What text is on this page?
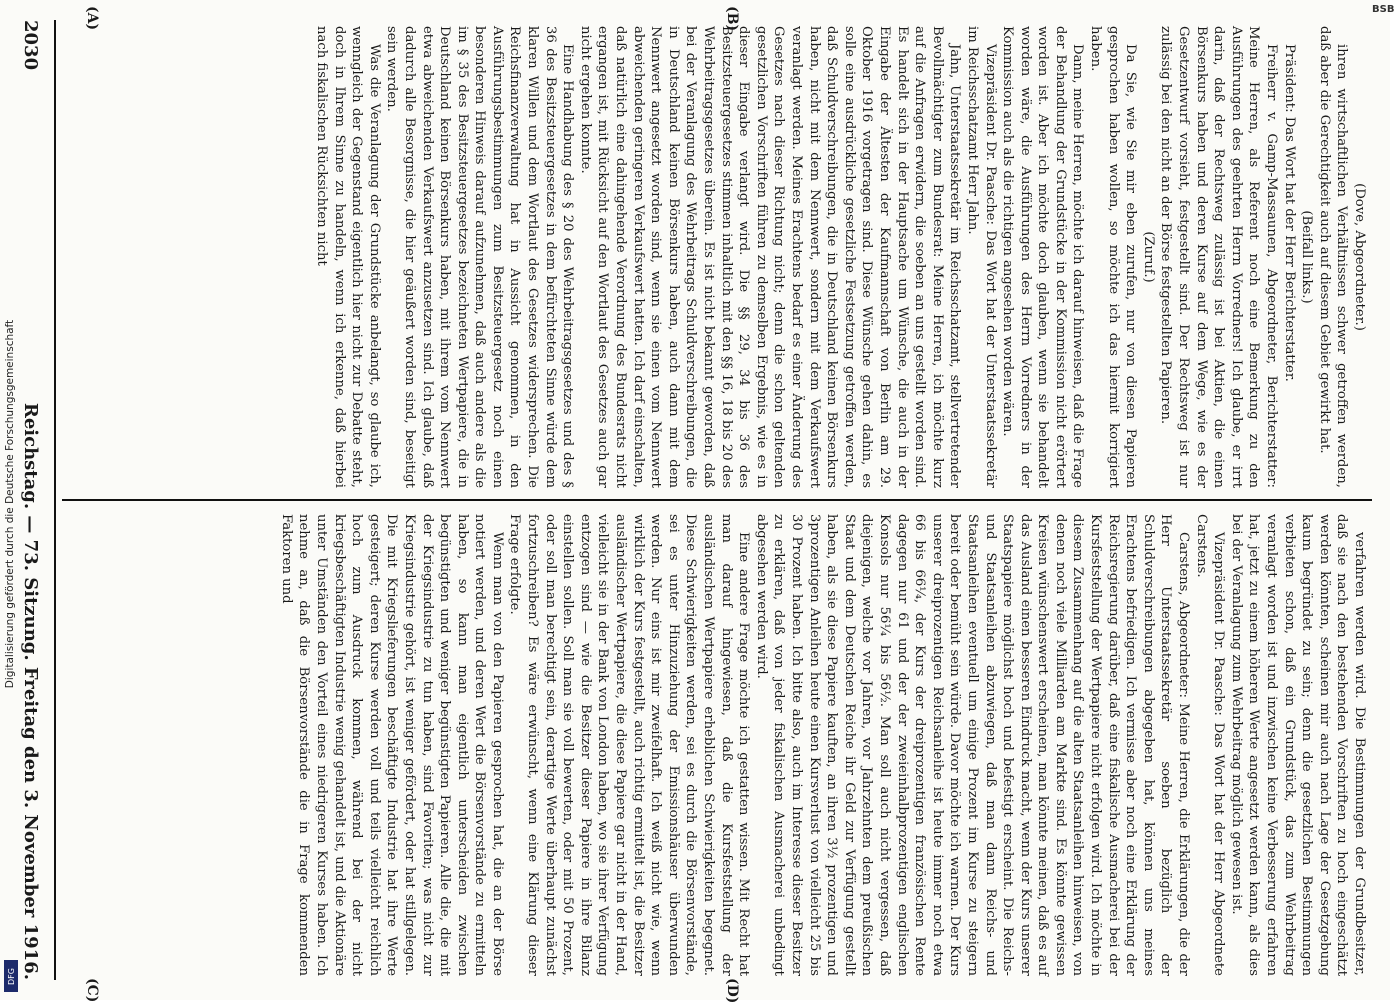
2030
Reichstag. — 73. Sitzung. Freitag den 3. November 1916.
(A)	(B)
(C)	(D)

(Dove, Abgeordneter.)

ihren wirtschaftlichen Verhältnissen schwer getroffen werden, daß aber die Gerechtigkeit auch auf diesem Gebiet gewirkt hat.

(Beifall links.)

Präsident: Das Wort hat der Herr Berichterstatter.

Freiherr v. Gamp-Massaunen, Abgeordneter, Berichterstatter: Meine Herren, als Referent noch eine Bemerkung zu den Ausführungen des geehrten Herrn Vorredners! Ich glaube, er irrt darin, daß der Rechtsweg zulässig ist bei Aktien, die einen Börsenkurs haben und deren Kurse auf dem Wege, wie es der Gesetzentwurf vorsieht, festgestellt sind. Der Rechtsweg ist nur zulässig bei den nicht an der Börse festgestellten Papieren.

(Zuruf.)

Da Sie, wie Sie mir eben zurufen, nur von diesen Papieren gesprochen haben wollen, so möchte ich das hiermit korrigiert haben.

Dann, meine Herren, möchte ich darauf hinweisen, daß die Frage der Behandlung der Grundstücke in der Kommission nicht erörtert worden ist. Aber ich möchte doch glauben, wenn sie behandelt worden wäre, die Ausführungen des Herrn Vorredners in der Kommission auch als die richtigen angesehen worden wären.

Vizepräsident Dr. Paasche: Das Wort hat der Unterstaatssekretär im Reichsschatzamt Herr Jahn.

Jahn, Unterstaatssekretär im Reichsschatzamt, stellvertretender Bevollmächtigter zum Bundesrat: Meine Herren, ich möchte kurz auf die Anfragen erwidern, die soeben an uns gestellt worden sind. Es handelt sich in der Hauptsache um Wünsche, die auch in der Eingabe der Ältesten der Kaufmannschaft von Berlin am 29. Oktober 1916 vorgetragen sind. Diese Wünsche gehen dahin, es solle eine ausdrückliche gesetzliche Festsetzung getroffen werden, daß Schuldverschreibungen, die in Deutschland keinen Börsenkurs haben, nicht mit dem Nennwert, sondern mit dem Verkaufswert veranlagt werden. Meines Erachtens bedarf es einer Änderung des Gesetzes nach dieser Richtung nicht; denn die schon geltenden gesetzlichen Vorschriften führen zu demselben Ergebnis, wie es in dieser Eingabe verlangt wird. Die §§ 29, 34 bis 36 des Besitzsteuergesetzes stimmen inhaltlich mit den §§ 16, 18 bis 20 des Wehrbeitragsgesetzes überein. Es ist nicht bekannt geworden, daß bei der Veranlagung des Wehrbeitrags Schuldverschreibungen, die in Deutschland keinen Börsenkurs haben, auch dann mit dem Nennwert angesetzt worden sind, wenn sie einen vom Nennwert abweichenden geringeren Verkaufswert hatten. Ich darf einschalten, daß natürlich eine dahingehende Verordnung des Bundesrats nicht ergangen ist, mit Rücksicht auf den Wortlaut des Gesetzes auch gar nicht ergehen konnte.

Eine Handhabung des § 20 des Wehrbeitragsgesetzes und des § 36 des Besitzsteuergesetzes in dem befürchteten Sinne würde dem klaren Willen und dem Wortlaut des Gesetzes widersprechen. Die Reichsfinanzverwaltung hat in Aussicht genommen, in den Ausführungsbestimmungen zum Besitzsteuergesetz noch einen besonderen Hinweis darauf aufzunehmen, daß auch andere als die im § 35 des Besitzsteuergesetzes bezeichneten Wertpapiere, die in Deutschland keinen Börsenkurs haben, mit ihrem vom Nennwert etwa abweichenden Verkaufswert anzusetzen sind. Ich glaube, daß dadurch alle Besorgnisse, die hier geäußert worden sind, beseitigt sein werden.

Was die Veranlagung der Grundstücke anbelangt, so glaube ich, wenngleich der Gegenstand eigentlich hier nicht zur Debatte steht, doch in Ihrem Sinne zu handeln, wenn ich erkenne, daß hierbei nach fiskalischen Rücksichten nicht

verfahren werden wird. Die Bestimmungen der Grundbesitzer, daß sie nach den bestehenden Vorschriften zu hoch eingeschätzt werden könnten, scheinen mir auch nach Lage der Gesetzgebung kaum begründet zu sein; denn die gesetzlichen Bestimmungen verbieten schon, daß ein Grundstück, das zum Wehrbeitrag veranlagt worden ist und inzwischen keine Verbesserung erfahren hat, jetzt zu einem höheren Werte angesetzt werden kann, als dies bei der Veranlagung zum Wehrbeitrag möglich gewesen ist.

Vizepräsident Dr. Paasche: Das Wort hat der Herr Abgeordnete Carstens.

Carstens, Abgeordneter: Meine Herren, die Erklärungen, die der Herr Unterstaatssekretär soeben bezüglich der Schuldverschreibungen abgegeben hat, können uns meines Erachtens befriedigen. Ich vermisse aber noch eine Erklärung der Reichsregierung darüber, daß eine fiskalische Ausmacherei bei der Kursfeststellung der Wertpapiere nicht erfolgen wird. Ich möchte in diesem Zusammenhang auf die alten Staatsanleihen hinweisen, von denen noch viele Milliarden am Markte sind. Es könnte gewissen Kreisen wünschenswert erscheinen, man könnte meinen, daß es auf das Ausland einen besseren Eindruck macht, wenn der Kurs unserer Staatspapiere möglichst hoch und befestigt erscheint. Die Reichs- und Staatsanleihen abzuwiegen, daß man dann Reichs- und Staatsanleihen eventuell um einige Prozent im Kurse zu steigern bereit oder bemüht sein würde. Davor möchte ich warnen. Der Kurs unserer dreiprozentigen Reichsanleihe ist heute immer noch etwa 66 bis 66¼, der Kurs der dreiprozentigen französischen Rente dagegen nur 61 und der der zweieinhalbprozentigen englischen Konsols nur 56¼ bis 56½. Man soll auch nicht vergessen, daß diejenigen, welche vor Jahren, vor Jahrzehnten dem preußischen Staat und dem Deutschen Reiche ihr Geld zur Verfügung gestellt haben, als sie diese Papiere kauften, an ihren 3½ prozentigen und 3prozentigen Anleihen heute einen Kursverlust von vielleicht 25 bis 30 Prozent haben. Ich bitte also, auch im Interesse dieser Besitzer zu erklären, daß von jeder fiskalischen Ausmacherei unbedingt abgesehen werden wird.

Eine andere Frage möchte ich gestatten wissen. Mit Recht hat man darauf hingewiesen, daß die Kursfeststellung der ausländischen Wertpapiere erheblichen Schwierigkeiten begegnet. Diese Schwierigkeiten werden, sei es durch die Börsenvorstände, sei es unter Hinzuziehung der Emissionshäuser überwunden werden. Nur eins ist mir zweifelhaft. Ich weiß nicht wie, wenn wirklich der Kurs festgestellt, auch richtig ermittelt ist, die Besitzer ausländischer Wertpapiere, die diese Papiere gar nicht in der Hand, vielleicht sie in der Bank von London haben, wo sie ihrer Verfügung entzogen sind — wie die Besitzer dieser Papiere in ihre Bilanz einstellen sollen. Soll man sie voll bewerten, oder mit 50 Prozent, oder soll man berechtigt sein, derartige Werte überhaupt zunächst fortzuschreiben? Es wäre erwünscht, wenn eine Klärung dieser Frage erfolgte.

Wenn man von den Papieren gesprochen hat, die an der Börse notiert werden, und deren Wert die Börsenvorstände zu ermitteln haben, so kann man eigentlich unterscheiden zwischen begünstigten und weniger begünstigten Papieren. Alle die, die mit der Kriegsindustrie zu tun haben, sind Favoriten; was nicht zur Kriegsindustrie gehört, ist weniger gefördert, oder hat stillgelegen. Die mit Kriegslieferungen beschäftigte Industrie hat ihre Werte gesteigert; deren Kurse werden voll und teils vielleicht reichlich hoch zum Ausdruck kommen, während bei der nicht kriegsbeschäftigten Industrie wenig gehandelt ist, und die Aktionäre unter Umständen den Vorteil eines niedrigeren Kurses haben. Ich nehme an, daß die Börsenvorstände die in Frage kommenden Faktoren und

BSB
Digitalisierung gefördert durch die Deutsche Forschungsgemeinschaft
DFG
